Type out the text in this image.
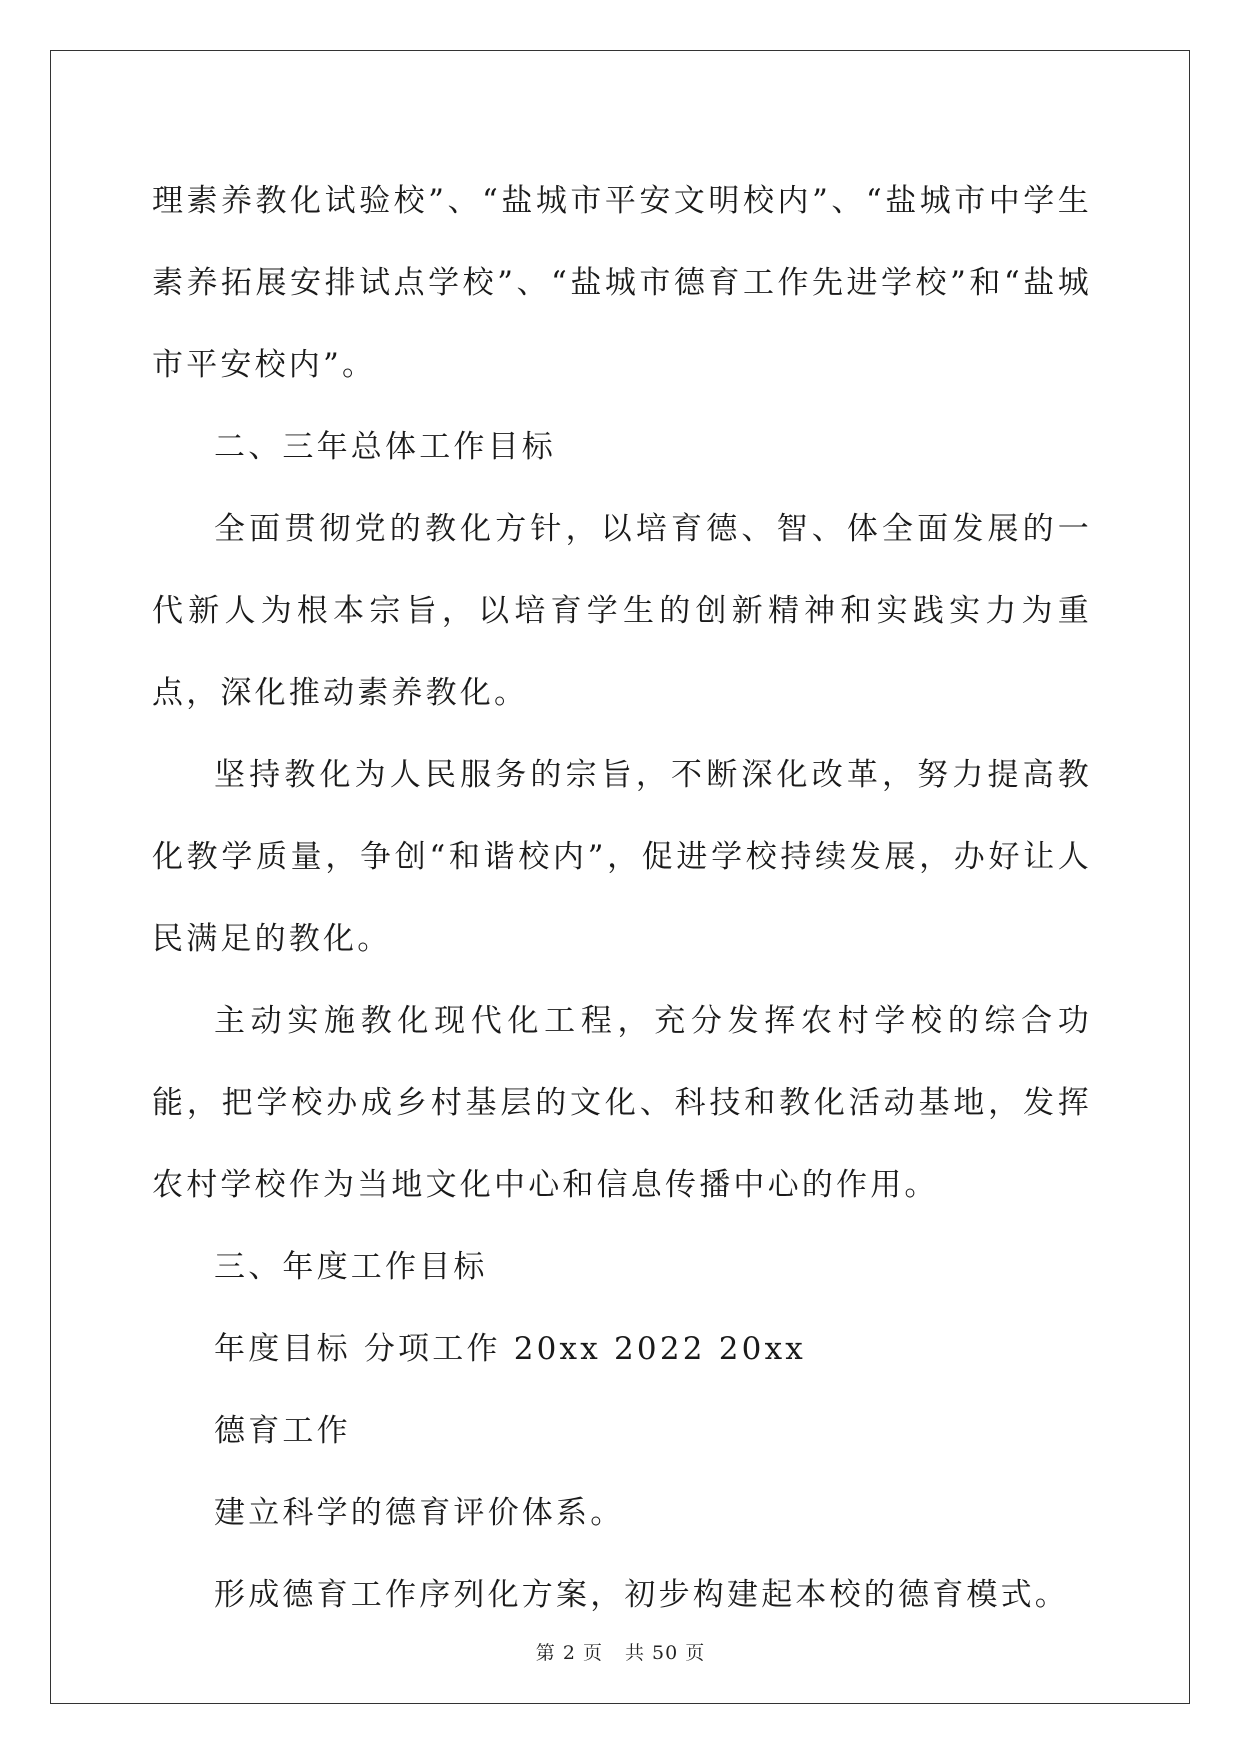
理素养教化试验校”、“盐城市平安文明校内”、“盐城市中学生素养拓展安排试点学校”、“盐城市德育工作先进学校”和“盐城市平安校内”。

二、三年总体工作目标

全面贯彻党的教化方针，以培育德、智、体全面发展的一代新人为根本宗旨，以培育学生的创新精神和实践实力为重点，深化推动素养教化。

坚持教化为人民服务的宗旨，不断深化改革，努力提高教化教学质量，争创“和谐校内”，促进学校持续发展，办好让人民满足的教化。

主动实施教化现代化工程，充分发挥农村学校的综合功能，把学校办成乡村基层的文化、科技和教化活动基地，发挥农村学校作为当地文化中心和信息传播中心的作用。

三、年度工作目标

年度目标 分项工作 20xx 2022 20xx

德育工作

建立科学的德育评价体系。

形成德育工作序列化方案，初步构建起本校的德育模式。

第 2 页 共 50 页
